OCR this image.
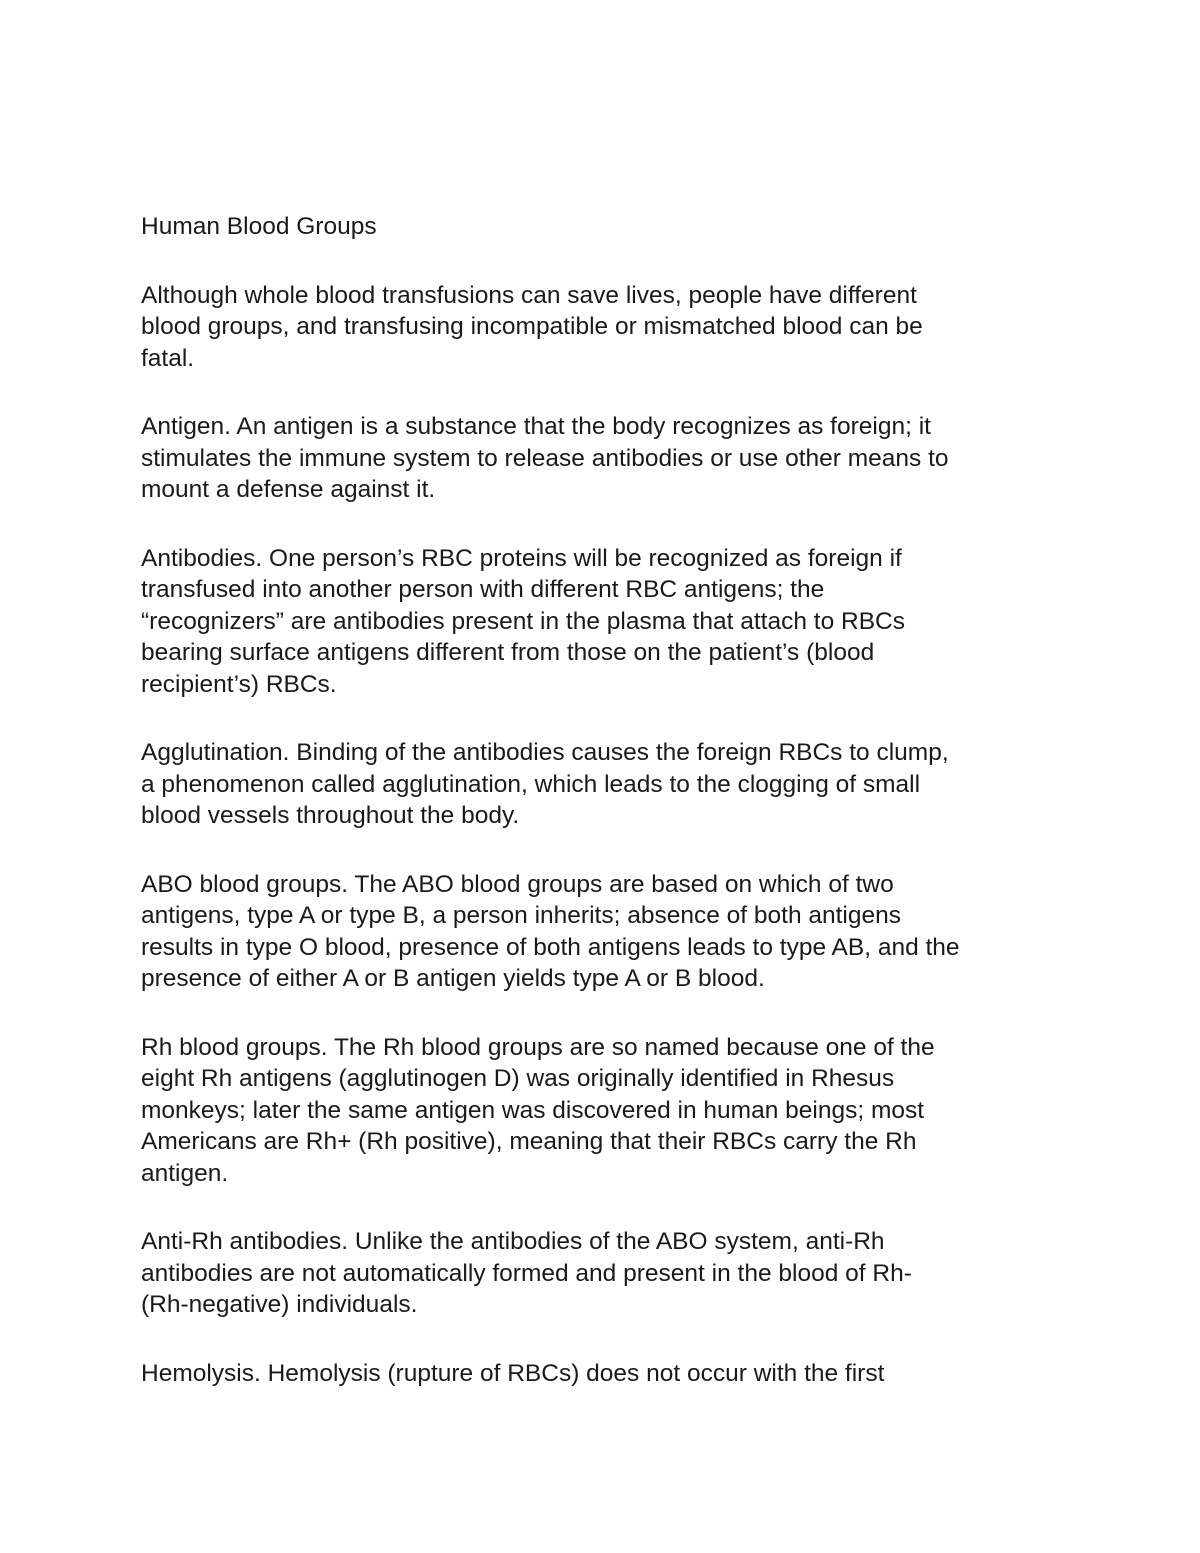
Human Blood Groups

Although whole blood transfusions can save lives, people have different
blood groups, and transfusing incompatible or mismatched blood can be
fatal.

Antigen. An antigen is a substance that the body recognizes as foreign; it
stimulates the immune system to release antibodies or use other means to
mount a defense against it.

Antibodies. One person’s RBC proteins will be recognized as foreign if
transfused into another person with different RBC antigens; the
“recognizers” are antibodies present in the plasma that attach to RBCs
bearing surface antigens different from those on the patient’s (blood
recipient’s) RBCs.

Agglutination. Binding of the antibodies causes the foreign RBCs to clump,
a phenomenon called agglutination, which leads to the clogging of small
blood vessels throughout the body.

ABO blood groups. The ABO blood groups are based on which of two
antigens, type A or type B, a person inherits; absence of both antigens
results in type O blood, presence of both antigens leads to type AB, and the
presence of either A or B antigen yields type A or B blood.

Rh blood groups. The Rh blood groups are so named because one of the
eight Rh antigens (agglutinogen D) was originally identified in Rhesus
monkeys; later the same antigen was discovered in human beings; most
Americans are Rh+ (Rh positive), meaning that their RBCs carry the Rh
antigen.

Anti-Rh antibodies. Unlike the antibodies of the ABO system, anti-Rh
antibodies are not automatically formed and present in the blood of Rh-
(Rh-negative) individuals.

Hemolysis. Hemolysis (rupture of RBCs) does not occur with the first
